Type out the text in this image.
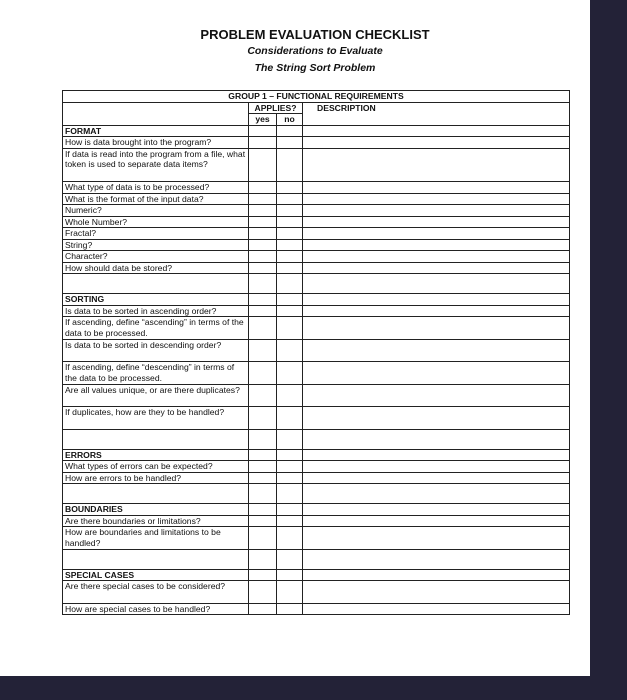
PROBLEM EVALUATION CHECKLIST
Considerations to Evaluate
The String Sort Problem
GROUP 1 – FUNCTIONAL REQUIREMENTS			
	APPLIES?		DESCRIPTION
	yes	no	
FORMAT			
How is data brought into the program?			
If data is read into the program from a file, what token is used to separate data items?			
What type of data is to be processed?			
What is the format of the input data?			
Numeric?			
Whole Number?			
Fractal?			
String?			
Character?			
How should data be stored?			

SORTING			
Is data to be sorted in ascending order?			
If ascending, define “ascending” in terms of the data to be processed.			
Is data to be sorted in descending order?			
If ascending, define “descending” in terms of the data to be processed.			
Are all values unique, or are there duplicates?			
If duplicates, how are they to be handled?			

ERRORS			
What types of errors can be expected?			
How are errors to be handled?			

BOUNDARIES			
Are there boundaries or limitations?			
How are boundaries and limitations to be handled?			

SPECIAL CASES			
Are there special cases to be considered?			
How are special cases to be handled?			
